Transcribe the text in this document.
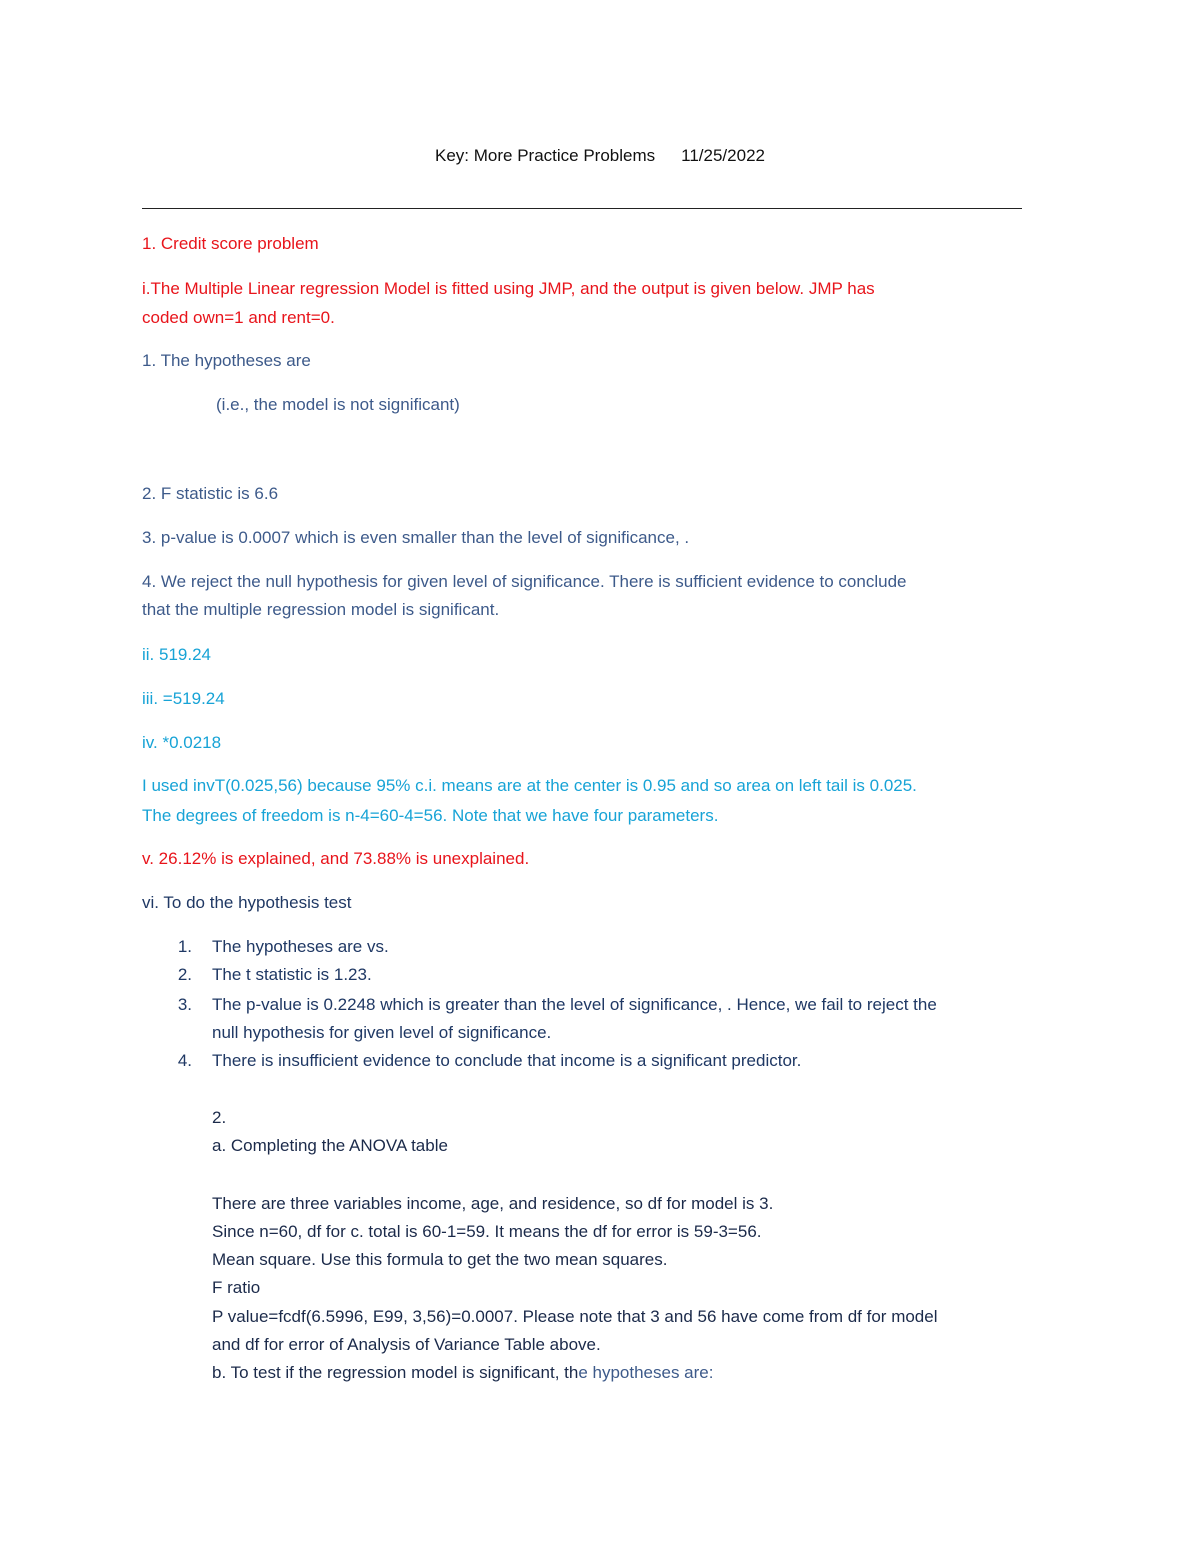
Key: More Practice Problems 11/25/2022
1. Credit score problem
i.The Multiple Linear regression Model is fitted using JMP, and the output is given below. JMP has
coded own=1 and rent=0.
1. The hypotheses are
(i.e., the model is not significant)
2. F statistic is 6.6
3. p-value is 0.0007 which is even smaller than the level of significance, .
4. We reject the null hypothesis for given level of significance. There is sufficient evidence to conclude
that the multiple regression model is significant.
ii. 519.24
iii. =519.24
iv. *0.0218
I used invT(0.025,56) because 95% c.i. means are at the center is 0.95 and so area on left tail is 0.025.
The degrees of freedom is n-4=60-4=56. Note that we have four parameters.
v. 26.12% is explained, and 73.88% is unexplained.
vi. To do the hypothesis test
1. The hypotheses are vs.
2. The t statistic is 1.23.
3. The p-value is 0.2248 which is greater than the level of significance, . Hence, we fail to reject the
null hypothesis for given level of significance.
4. There is insufficient evidence to conclude that income is a significant predictor.
2.
a. Completing the ANOVA table
There are three variables income, age, and residence, so df for model is 3.
Since n=60, df for c. total is 60-1=59. It means the df for error is 59-3=56.
Mean square. Use this formula to get the two mean squares.
F ratio
P value=fcdf(6.5996, E99, 3,56)=0.0007. Please note that 3 and 56 have come from df for model
and df for error of Analysis of Variance Table above.
b. To test if the regression model is significant, the hypotheses are:
